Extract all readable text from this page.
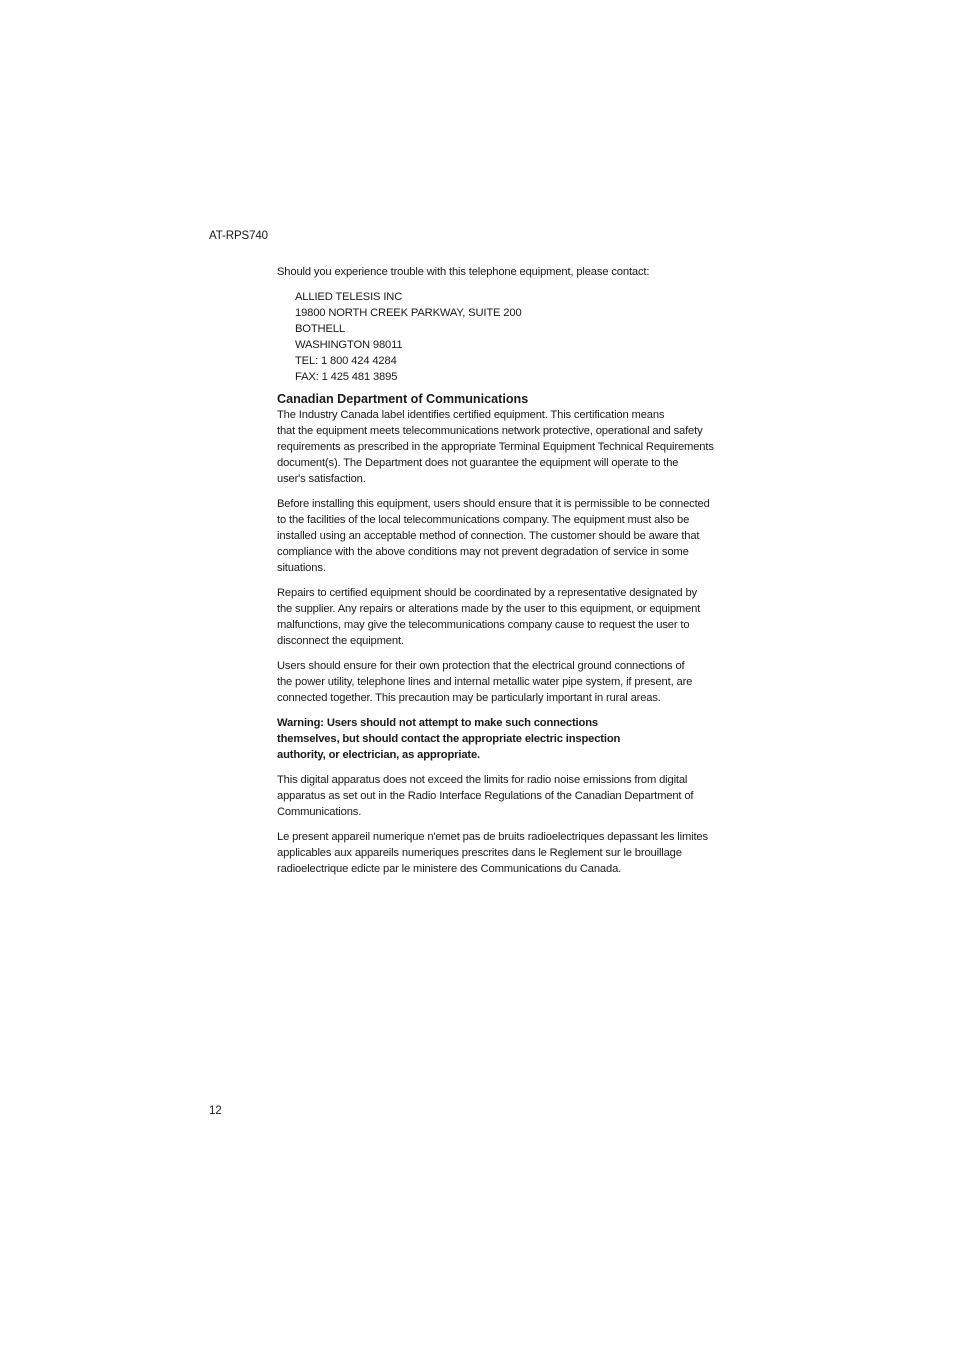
AT-RPS740

Should you experience trouble with this telephone equipment, please contact:

ALLIED TELESIS INC
19800 NORTH CREEK PARKWAY, SUITE 200
BOTHELL
WASHINGTON 98011
TEL: 1 800 424 4284
FAX: 1 425 481 3895
Canadian Department of Communications

The Industry Canada label identifies certified equipment. This certification means
that the equipment meets telecommunications network protective, operational and safety
requirements as prescribed in the appropriate Terminal Equipment Technical Requirements
document(s). The Department does not guarantee the equipment will operate to the
user's satisfaction.

Before installing this equipment, users should ensure that it is permissible to be connected
to the facilities of the local telecommunications company. The equipment must also be
installed using an acceptable method of connection. The customer should be aware that
compliance with the above conditions may not prevent degradation of service in some
situations.

Repairs to certified equipment should be coordinated by a representative designated by
the supplier. Any repairs or alterations made by the user to this equipment, or equipment
malfunctions, may give the telecommunications company cause to request the user to
disconnect the equipment.

Users should ensure for their own protection that the electrical ground connections of
the power utility, telephone lines and internal metallic water pipe system, if present, are
connected together. This precaution may be particularly important in rural areas.

Warning: Users should not attempt to make such connections
themselves, but should contact the appropriate electric inspection
authority, or electrician, as appropriate.

This digital apparatus does not exceed the limits for radio noise emissions from digital
apparatus as set out in the Radio Interface Regulations of the Canadian Department of
Communications.

Le present appareil numerique n'emet pas de bruits radioelectriques depassant les limites
applicables aux appareils numeriques prescrites dans le Reglement sur le brouillage
radioelectrique edicte par le ministere des Communications du Canada.

12
